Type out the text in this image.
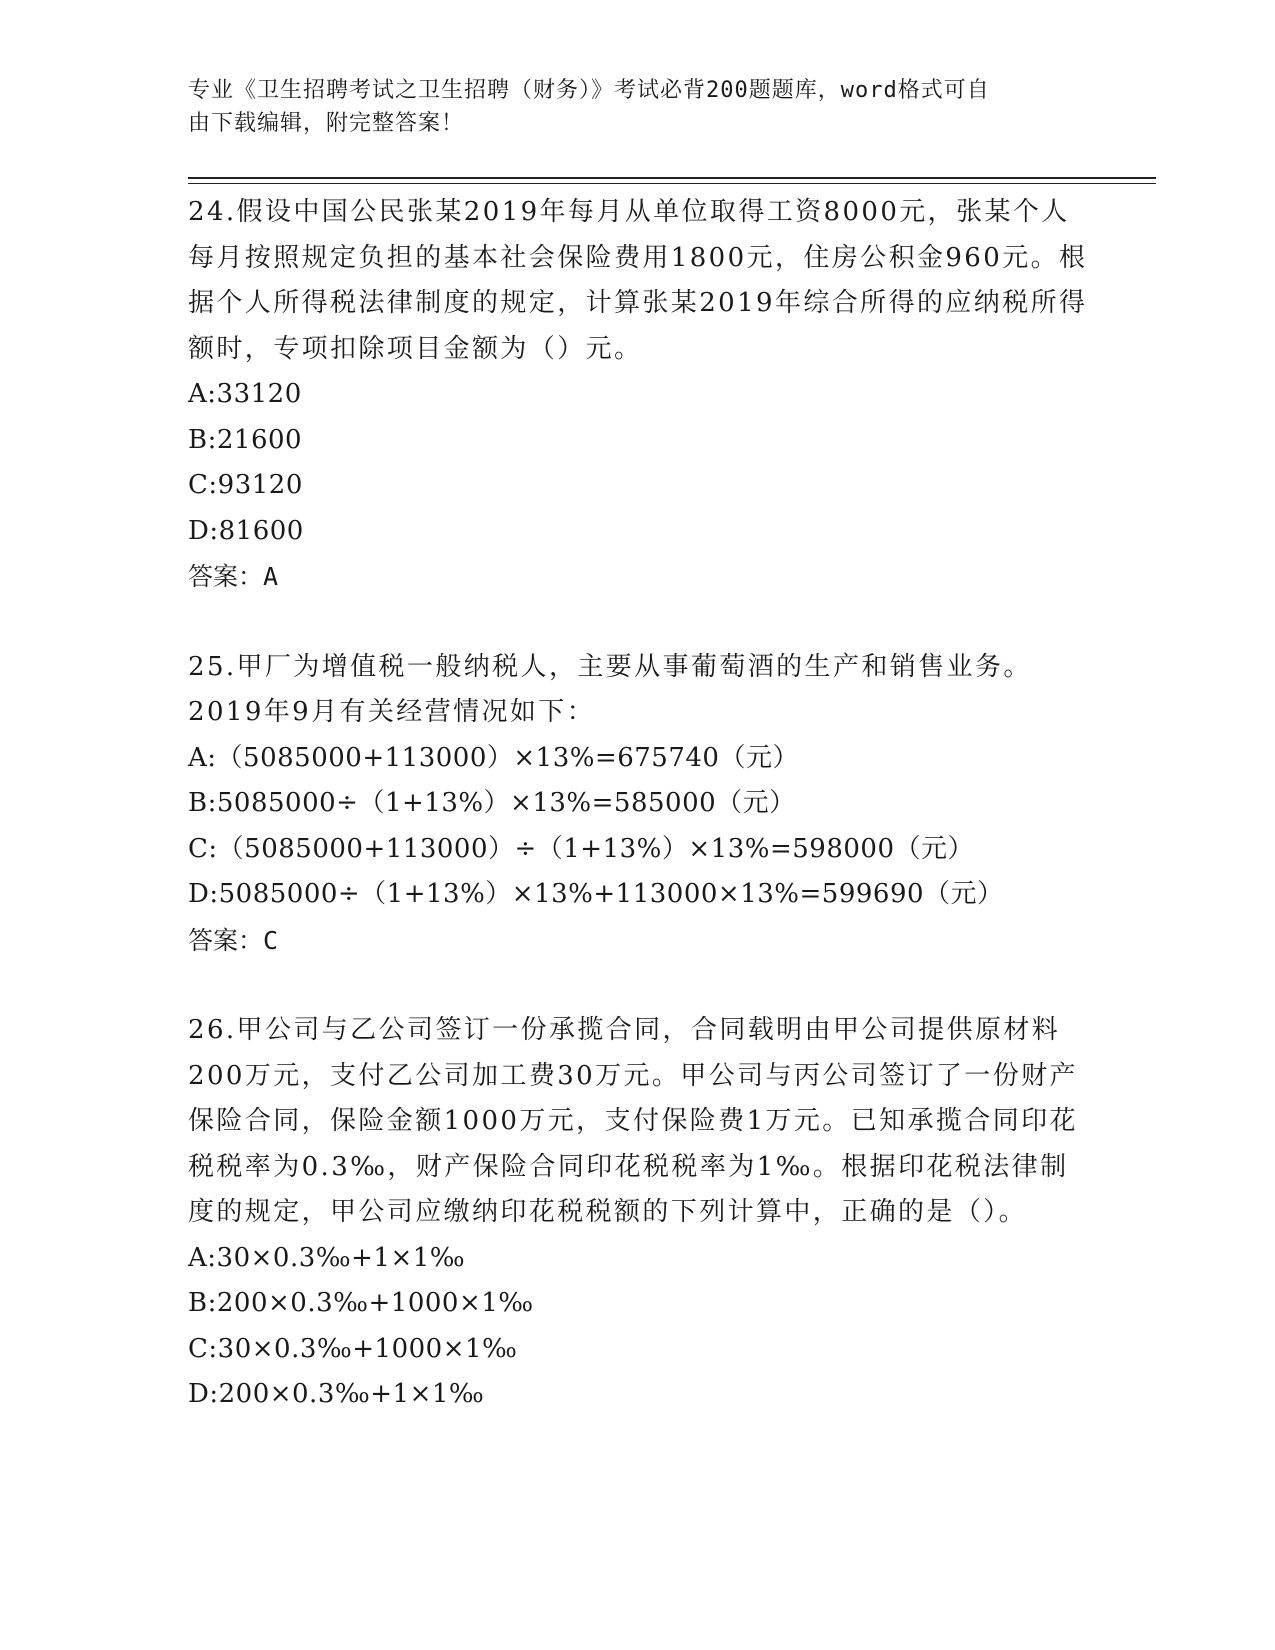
专业《卫生招聘考试之卫生招聘（财务）》考试必背200题题库，word格式可自
由下载编辑，附完整答案！

24.假设中国公民张某2019年每月从单位取得工资8000元，张某个人每月按照规定负担的基本社会保险费用1800元，住房公积金960元。根据个人所得税法律制度的规定，计算张某2019年综合所得的应纳税所得额时，专项扣除项目金额为（）元。

A:33120

B:21600

C:93120

D:81600

答案：A

25.甲厂为增值税一般纳税人，主要从事葡萄酒的生产和销售业务。2019年9月有关经营情况如下：

A:（5085000+113000）×13%=675740（元）

B:5085000÷（1+13%）×13%=585000（元）

C:（5085000+113000）÷（1+13%）×13%=598000（元）

D:5085000÷（1+13%）×13%+113000×13%=599690（元）

答案：C

26.甲公司与乙公司签订一份承揽合同，合同载明由甲公司提供原材料200万元，支付乙公司加工费30万元。甲公司与丙公司签订了一份财产保险合同，保险金额1000万元，支付保险费1万元。已知承揽合同印花税税率为0.3‰，财产保险合同印花税税率为1‰。根据印花税法律制度的规定，甲公司应缴纳印花税税额的下列计算中，正确的是（）。

A:30×0.3‰+1×1‰

B:200×0.3‰+1000×1‰

C:30×0.3‰+1000×1‰

D:200×0.3‰+1×1‰
